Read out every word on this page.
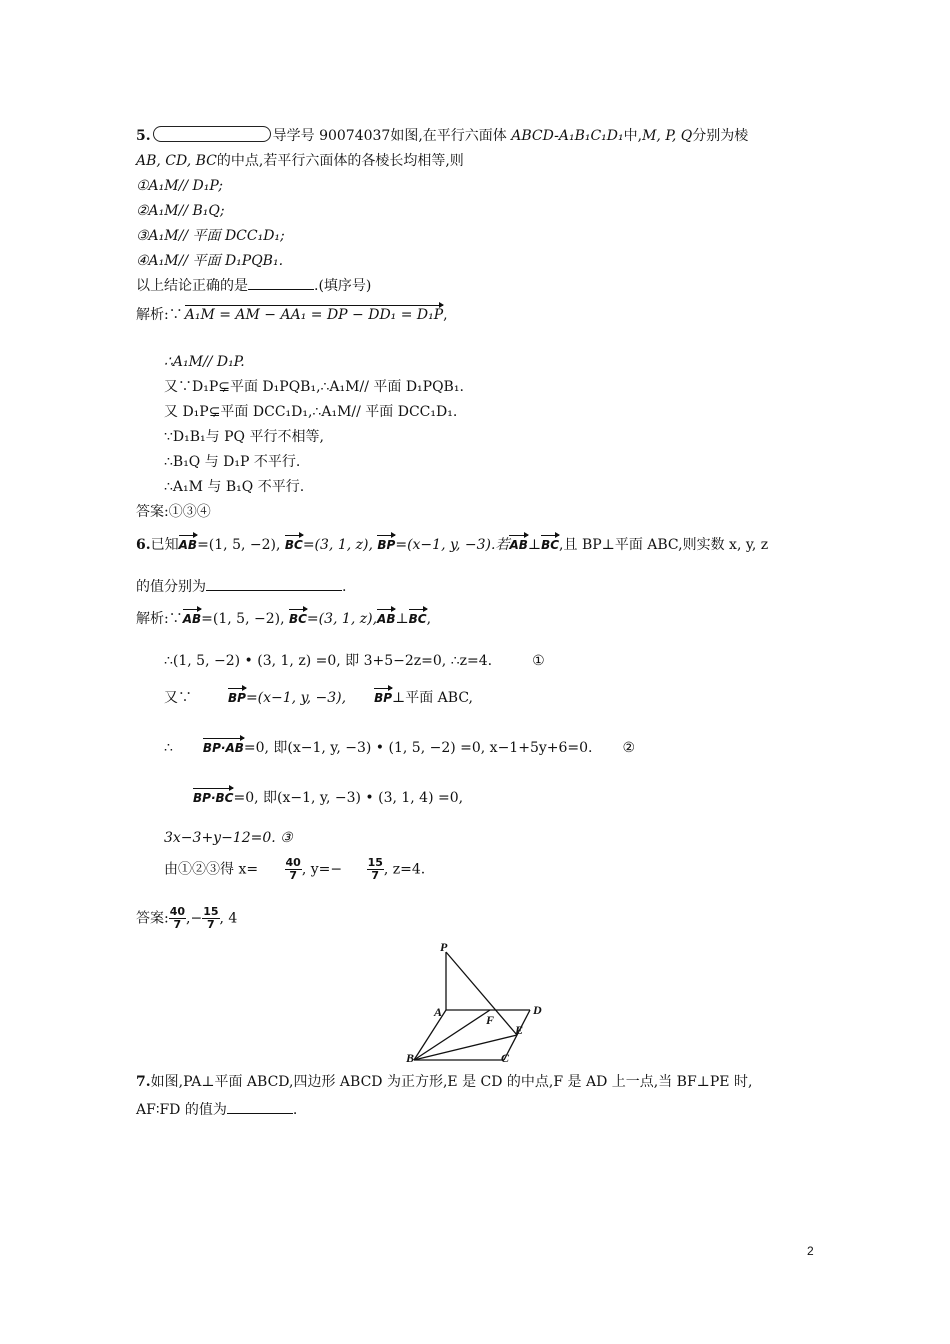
5.	导学号 90074037如图,在平行六面体 ABCD-A₁B₁C₁D₁中,M, P, Q分别为棱
AB, CD, BC的中点,若平行六面体的各棱长均相等,则
①A₁M// D₁P;
②A₁M// B₁Q;
③A₁M// 平面 DCC₁D₁;
④A₁M// 平面 D₁PQB₁.
以上结论正确的是	.(填序号)
解析:∵ A₁M = AM − AA₁ = DP − DD₁ = D₁P,
∴A₁M// D₁P.
又∵D₁P⊊平面 D₁PQB₁,∴A₁M// 平面 D₁PQB₁.
又 D₁P⊊平面 DCC₁D₁,∴A₁M// 平面 DCC₁D₁.
∵D₁B₁与 PQ 平行不相等,
∴B₁Q 与 D₁P 不平行.
∴A₁M 与 B₁Q 不平行.
答案:①③④
6.已知AB=(1, 5, −2), BC=(3, 1, z), BP=(x−1, y, −3).若AB⊥BC,且 BP⊥平面 ABC,则实数 x, y, z
的值分别为	.
解析:∵AB=(1, 5, −2), BC=(3, 1, z),AB⊥BC,
∴(1, 5, −2) • (3, 1, z) =0, 即 3+5−2z=0, ∴z=4.	①
又∵	BP=(x−1, y, −3), BP⊥平面 ABC,
∴	BP·AB=0, 即(x−1, y, −3) • (1, 5, −2) =0, x−1+5y+6=0. ②
BP·BC=0, 即(x−1, y, −3) • (3, 1, 4) =0,
3x−3+y−12=0. ③
由①②③得 $x= \frac{40}{7}$ , $y=- \frac{15}{7}$ , z=4.
答案: $\frac{40}{7}$ ,− $\frac{15}{7}$ , 4
P
A
F
D
E
B	C
7.如图,PA⊥平面 ABCD,四边形 ABCD 为正方形,E 是 CD 的中点,F 是 AD 上一点,当 BF⊥PE 时,
AF∶FD 的值为	.
2
